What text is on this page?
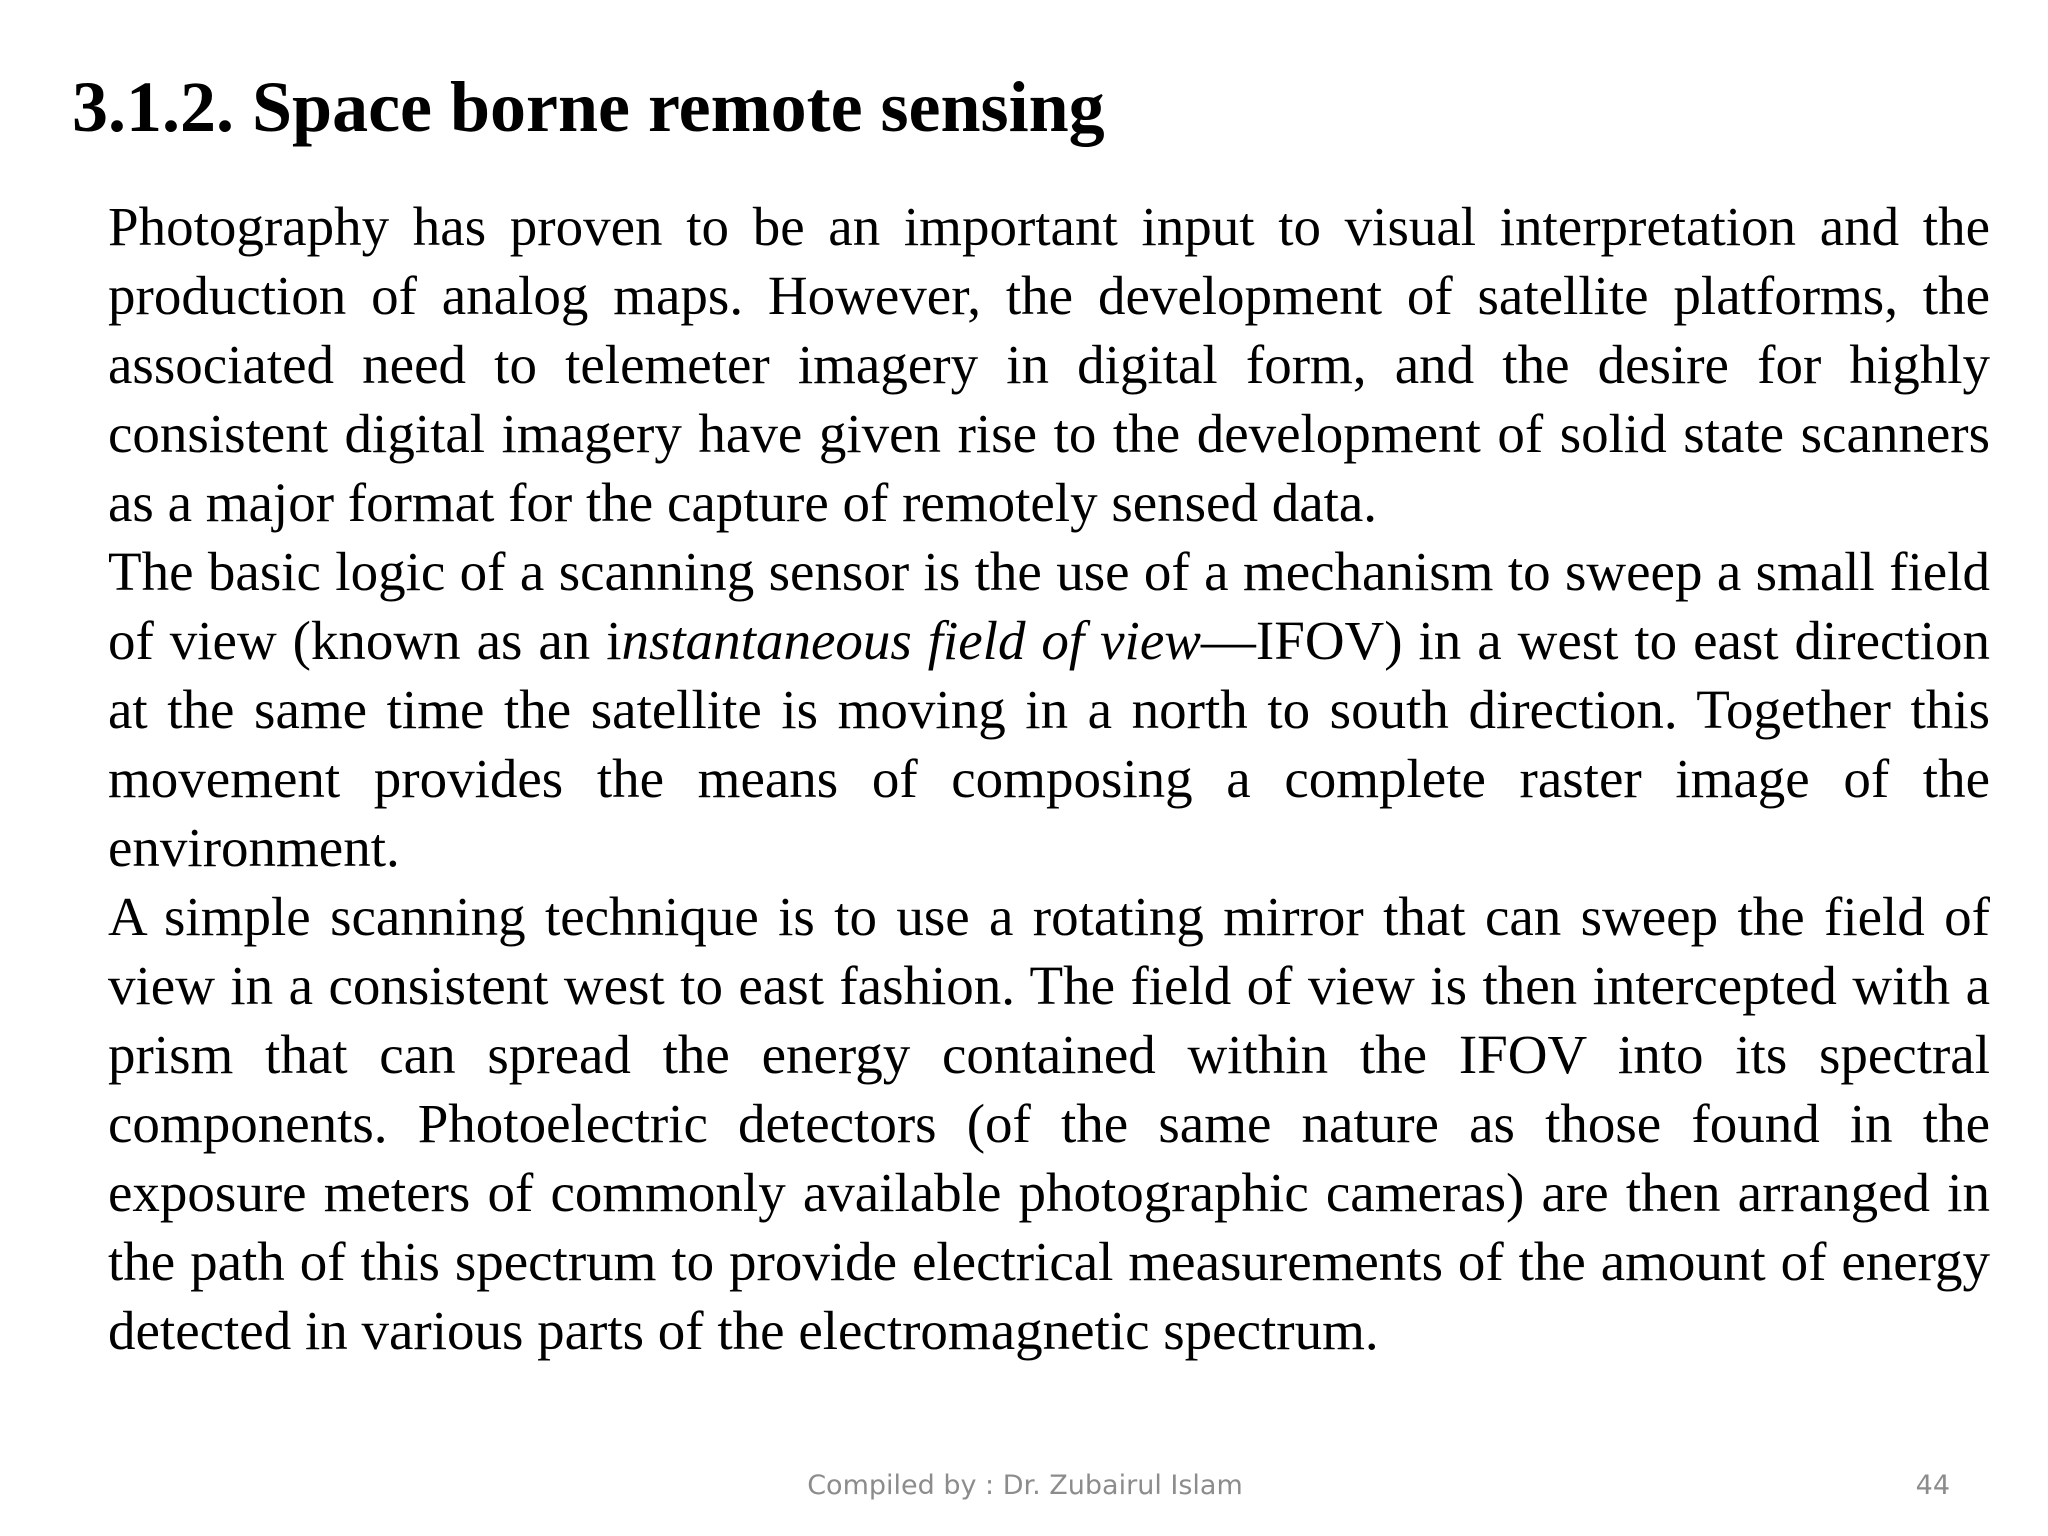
3.1.2. Space borne remote sensing

Photography has proven to be an important input to visual interpretation and the production of analog maps. However, the development of satellite platforms, the associated need to telemeter imagery in digital form, and the desire for highly consistent digital imagery have given rise to the development of solid state scanners as a major format for the capture of remotely sensed data.

The basic logic of a scanning sensor is the use of a mechanism to sweep a small field of view (known as an instantaneous field of view—IFOV) in a west to east direction at the same time the satellite is moving in a north to south direction. Together this movement provides the means of composing a complete raster image of the environment.

A simple scanning technique is to use a rotating mirror that can sweep the field of view in a consistent west to east fashion. The field of view is then intercepted with a prism that can spread the energy contained within the IFOV into its spectral components. Photoelectric detectors (of the same nature as those found in the exposure meters of commonly available photographic cameras) are then arranged in the path of this spectrum to provide electrical measurements of the amount of energy detected in various parts of the electromagnetic spectrum.

Compiled by : Dr. Zubairul Islam	44
